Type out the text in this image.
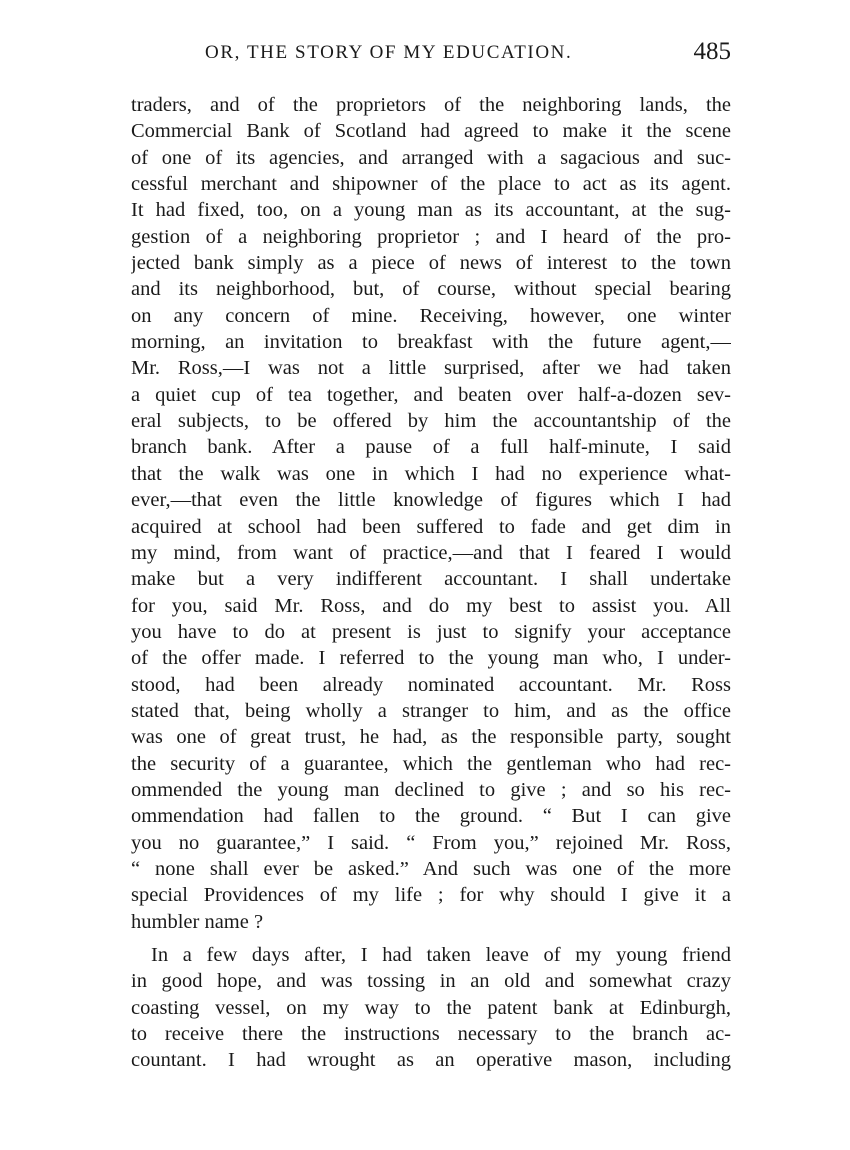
OR, THE STORY OF MY EDUCATION.	485
traders, and of the proprietors of the neighboring lands, the
Commercial Bank of Scotland had agreed to make it the scene
of one of its agencies, and arranged with a sagacious and suc-
cessful merchant and shipowner of the place to act as its agent.
It had fixed, too, on a young man as its accountant, at the sug-
gestion of a neighboring proprietor ; and I heard of the pro-
jected bank simply as a piece of news of interest to the town
and its neighborhood, but, of course, without special bearing
on any concern of mine. Receiving, however, one winter
morning, an invitation to breakfast with the future agent,—
Mr. Ross,—I was not a little surprised, after we had taken
a quiet cup of tea together, and beaten over half-a-dozen sev-
eral subjects, to be offered by him the accountantship of the
branch bank. After a pause of a full half-minute, I said
that the walk was one in which I had no experience what-
ever,—that even the little knowledge of figures which I had
acquired at school had been suffered to fade and get dim in
my mind, from want of practice,—and that I feared I would
make but a very indifferent accountant. I shall undertake
for you, said Mr. Ross, and do my best to assist you. All
you have to do at present is just to signify your acceptance
of the offer made. I referred to the young man who, I under-
stood, had been already nominated accountant. Mr. Ross
stated that, being wholly a stranger to him, and as the office
was one of great trust, he had, as the responsible party, sought
the security of a guarantee, which the gentleman who had rec-
ommended the young man declined to give ; and so his rec-
ommendation had fallen to the ground. “ But I can give
you no guarantee,” I said. “ From you,” rejoined Mr. Ross,
“ none shall ever be asked.” And such was one of the more
special Providences of my life ; for why should I give it a
humbler name ?
In a few days after, I had taken leave of my young friend
in good hope, and was tossing in an old and somewhat crazy
coasting vessel, on my way to the patent bank at Edinburgh,
to receive there the instructions necessary to the branch ac-
countant. I had wrought as an operative mason, including
